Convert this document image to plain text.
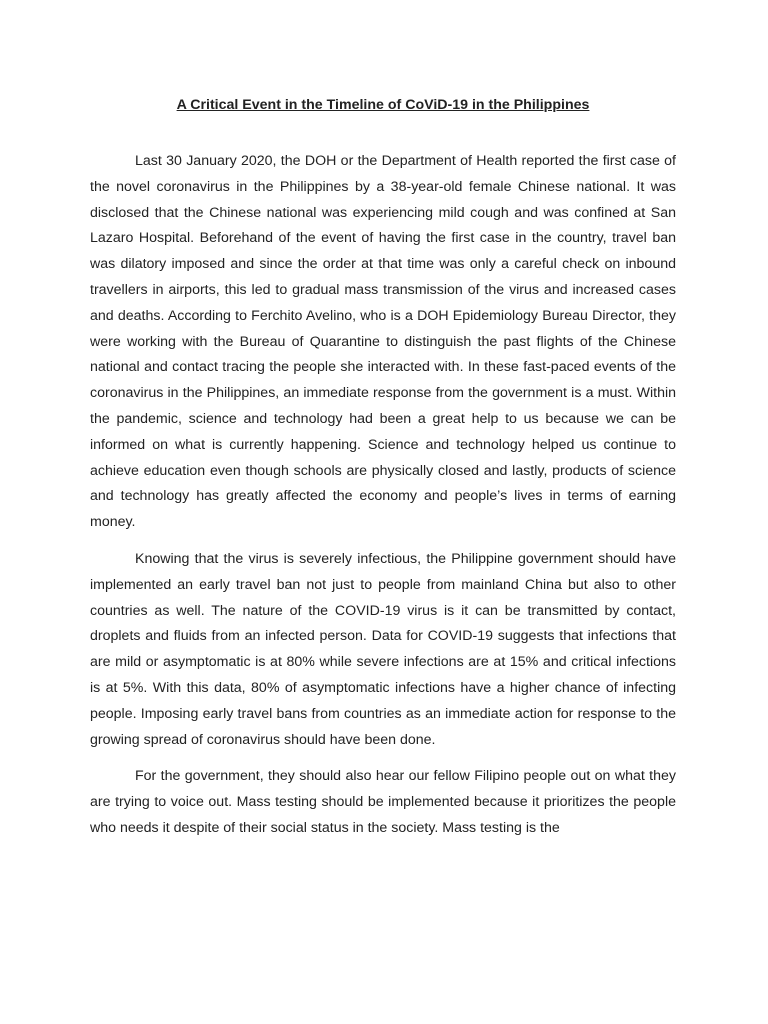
A Critical Event in the Timeline of CoViD-19 in the Philippines

Last 30 January 2020, the DOH or the Department of Health reported the first case of the novel coronavirus in the Philippines by a 38-year-old female Chinese national. It was disclosed that the Chinese national was experiencing mild cough and was confined at San Lazaro Hospital. Beforehand of the event of having the first case in the country, travel ban was dilatory imposed and since the order at that time was only a careful check on inbound travellers in airports, this led to gradual mass transmission of the virus and increased cases and deaths. According to Ferchito Avelino, who is a DOH Epidemiology Bureau Director, they were working with the Bureau of Quarantine to distinguish the past flights of the Chinese national and contact tracing the people she interacted with. In these fast-paced events of the coronavirus in the Philippines, an immediate response from the government is a must. Within the pandemic, science and technology had been a great help to us because we can be informed on what is currently happening. Science and technology helped us continue to achieve education even though schools are physically closed and lastly, products of science and technology has greatly affected the economy and people’s lives in terms of earning money.

Knowing that the virus is severely infectious, the Philippine government should have implemented an early travel ban not just to people from mainland China but also to other countries as well. The nature of the COVID-19 virus is it can be transmitted by contact, droplets and fluids from an infected person. Data for COVID-19 suggests that infections that are mild or asymptomatic is at 80% while severe infections are at 15% and critical infections is at 5%. With this data, 80% of asymptomatic infections have a higher chance of infecting people. Imposing early travel bans from countries as an immediate action for response to the growing spread of coronavirus should have been done.

For the government, they should also hear our fellow Filipino people out on what they are trying to voice out. Mass testing should be implemented because it prioritizes the people who needs it despite of their social status in the society. Mass testing is the
